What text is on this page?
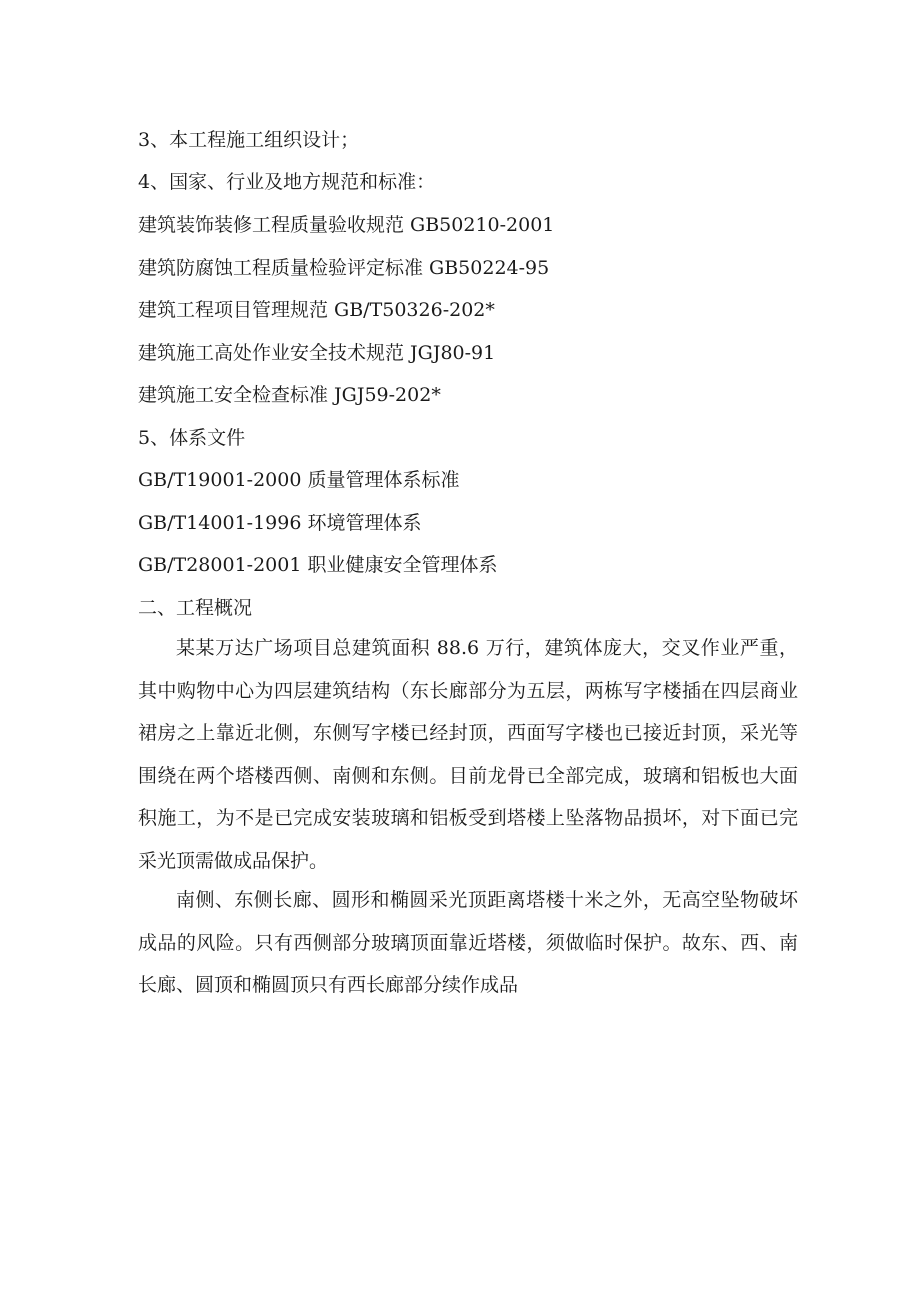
3、本工程施工组织设计；

4、国家、行业及地方规范和标准：

建筑装饰装修工程质量验收规范 GB50210-2001

建筑防腐蚀工程质量检验评定标准 GB50224-95

建筑工程项目管理规范 GB/T50326-202*

建筑施工高处作业安全技术规范 JGJ80-91

建筑施工安全检查标准 JGJ59-202*

5、体系文件

GB/T19001-2000 质量管理体系标准

GB/T14001-1996 环境管理体系

GB/T28001-2001 职业健康安全管理体系

二、工程概况

某某万达广场项目总建筑面积 88.6 万行，建筑体庞大，交叉作业严重，其中购物中心为四层建筑结构（东长廊部分为五层，两栋写字楼插在四层商业裙房之上靠近北侧，东侧写字楼已经封顶，西面写字楼也已接近封顶，采光等围绕在两个塔楼西侧、南侧和东侧。目前龙骨已全部完成，玻璃和铝板也大面积施工，为不是已完成安装玻璃和铝板受到塔楼上坠落物品损坏，对下面已完采光顶需做成品保护。

南侧、东侧长廊、圆形和椭圆采光顶距离塔楼十米之外，无高空坠物破坏成品的风险。只有西侧部分玻璃顶面靠近塔楼，须做临时保护。故东、西、南长廊、圆顶和椭圆顶只有西长廊部分续作成品
